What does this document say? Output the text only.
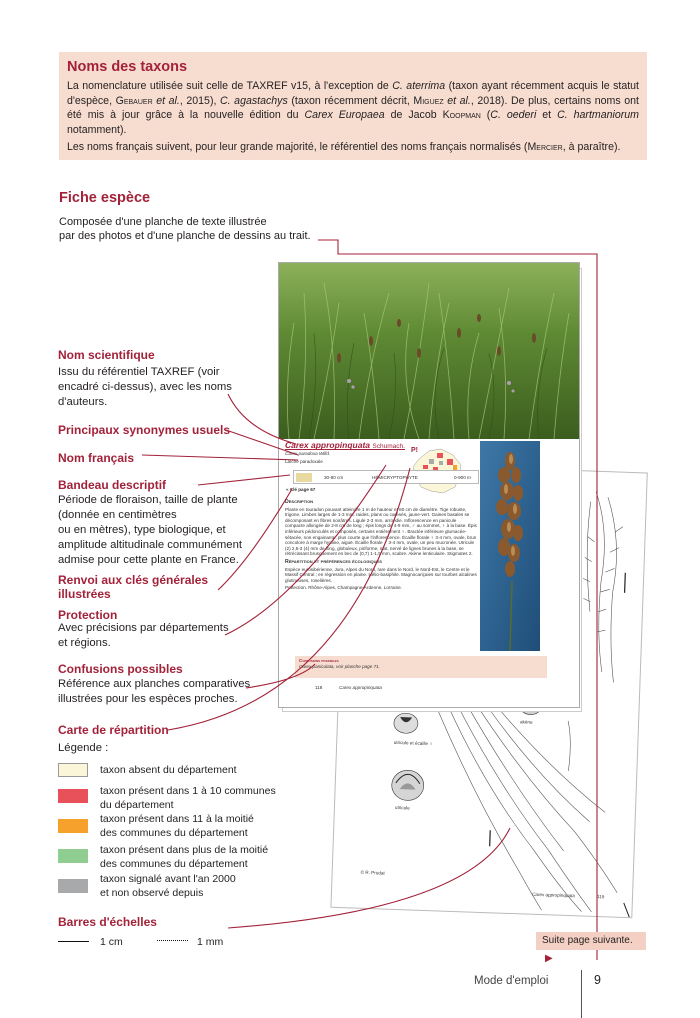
Noms des taxons

La nomenclature utilisée suit celle de TAXREF v15, à l'exception de C. aterrima (taxon ayant récemment acquis le statut d'espèce, Gebauer et al., 2015), C. agastachys (taxon récemment décrit, Miguez et al., 2018). De plus, certains noms ont été mis à jour grâce à la nouvelle édition du Carex Europaea de Jacob Koopman (C. oederi et C. hartmaniorum notamment).

Les noms français suivent, pour leur grande majorité, le référentiel des noms français normalisés (Mercier, à paraître).

Fiche espèce
Composée d'une planche de texte illustrée
par des photos et d'une planche de dessins au trait.
utricule et écaille ♀
akène
utricule
© R. Prudat
Carex appropinquata	119
Carex appropinquata Schumach.
Carex paradoxa Willd.
Laîche paradoxale
P!
30-80 cm	HÉMICRYPTOPHYTE	0-900 m
« Clé page 67
Description
Plante en touradon pouvant atteindre 1 m de hauteur et 80 cm de diamètre. Tige robuste, trigone. Limbes larges de 1-3 mm, raides, plans ou carénés, jaune-vert. Gaines basales se décomposant en fibres noirâtres. Ligule 2-3 mm, arrondie. Inflorescence en panicule compacte allongée de 2-8 cm de long ; épis longs de 4-9 mm, ♂ au sommet, ♀ à la base. Épis inférieurs pédonculés et composés, certains entièrement ♀. Bractée inférieure glumacée-sétacée, non engainante, plus courte que l'inflorescence. Écaille florale ♀ 3-4 mm, ovale, brun concolore à marge hyaline, aiguë. Écaille florale ♂ 3-4 mm, ovale, un peu mucronée. Utricule (2) 2,5-3 (4) mm de long, globuleux, piriforme, mat, nervé de lignes brunes à la base, se rétrécissant brusquement en bec de (0,7) 1-1,5 mm, scabre. Akène lenticulaire. Stigmates 2.
Répartition et préférences écologiques
Espèce eurosibérienne, Jura, Alpes du Nord, rare dans le Nord, le Nord-Est, le Centre et le Massif Central ; en régression en plaine. Hélio-basiphile. Magnocariçaies sur tourbes alcalines glutineuses, roselières.
Protection. Rhône-Alpes, Champagne-Ardenne, Lorraine.
Confusions possibles
Carex paniculata, voir planche page 71.
118	Carex appropinquata
Nom scientifique
Issu du référentiel TAXREF (voir
encadré ci-dessus), avec les noms
d'auteurs.
Principaux synonymes usuels
Nom français
Bandeau descriptif
Période de floraison, taille de plante
(donnée en centimètres
ou en mètres), type biologique, et
amplitude altitudinale communément
admise pour cette plante en France.
Renvoi aux clés générales
illustrées
Protection
Avec précisions par départements
et régions.
Confusions possibles
Référence aux planches comparatives
illustrées pour les espèces proches.
Carte de répartition
Légende :
taxon absent du département
taxon présent dans 1 à 10 communes
du département
taxon présent dans 11 à la moitié
des communes du département
taxon présent dans plus de la moitié
des communes du département
taxon signalé avant l'an 2000
et non observé depuis
Barres d'échelles
1 cm	1 mm	Suite page suivante. ▶
Mode d'emploi	9
